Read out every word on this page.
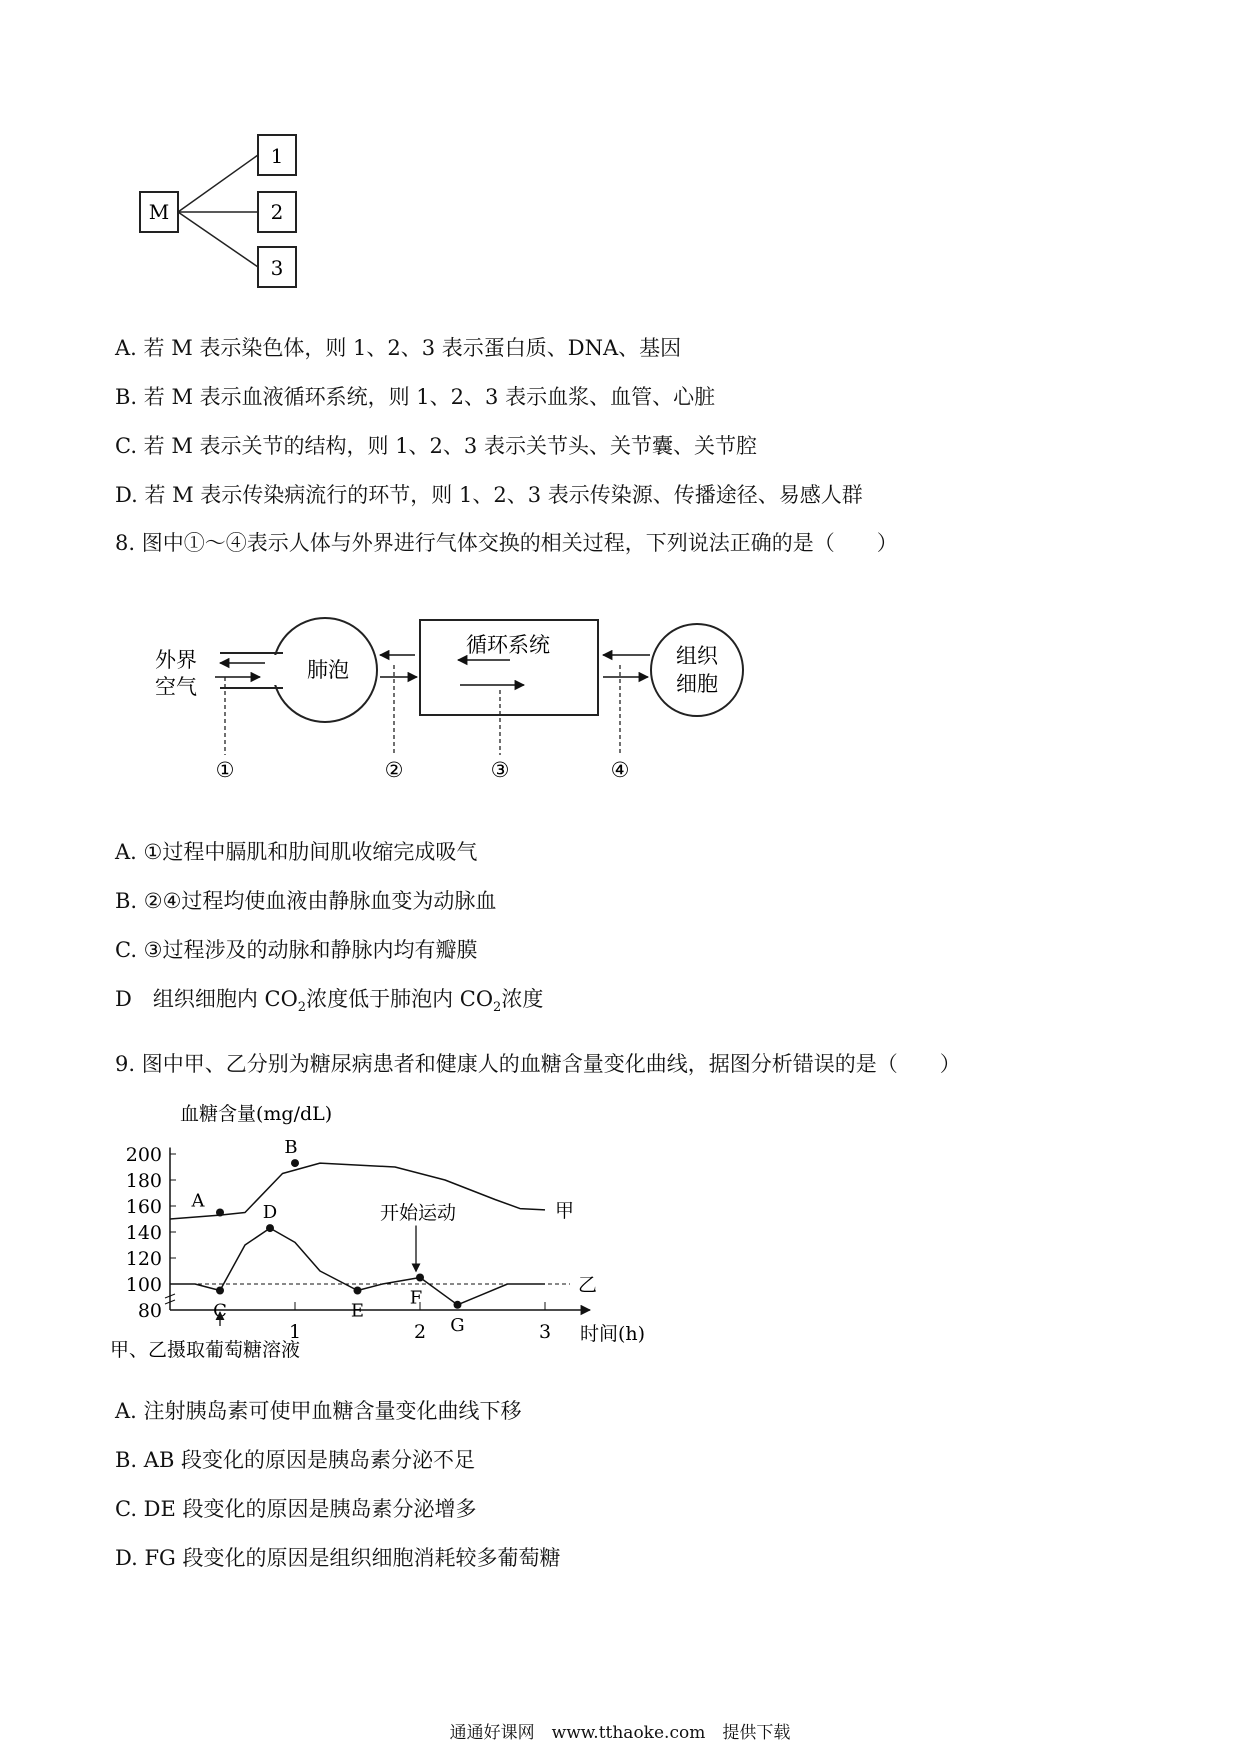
M
1
2
3
A. 若 M 表示染色体，则 1、2、3 表示蛋白质、DNA、基因
B. 若 M 表示血液循环系统，则 1、2、3 表示血浆、血管、心脏
C. 若 M 表示关节的结构，则 1、2、3 表示关节头、关节囊、关节腔
D. 若 M 表示传染病流行的环节，则 1、2、3 表示传染源、传播途径、易感人群
8. 图中①～④表示人体与外界进行气体交换的相关过程，下列说法正确的是（　　）
外界
空气
肺泡
循环系统	组织
细胞
①	②	③	④
A. ①过程中膈肌和肋间肌收缩完成吸气
B. ②④过程均使血液由静脉血变为动脉血
C. ③过程涉及的动脉和静脉内均有瓣膜
D　组织细胞内 $CO_2$浓度低于肺泡内 $CO_2$浓度
9. 图中甲、乙分别为糖尿病患者和健康人的血糖含量变化曲线，据图分析错误的是（　　）
血糖含量(mg/dL)
时间(h)
80
100
120
140
160
180
200
1	2	3
甲
乙
A
B
C
D
E
F
G
开始运动
甲、乙摄取葡萄糖溶液
A. 注射胰岛素可使甲血糖含量变化曲线下移
B. AB 段变化的原因是胰岛素分泌不足
C. DE 段变化的原因是胰岛素分泌增多
D. FG 段变化的原因是组织细胞消耗较多葡萄糖
通通好课网　www.tthaoke.com　提供下载
